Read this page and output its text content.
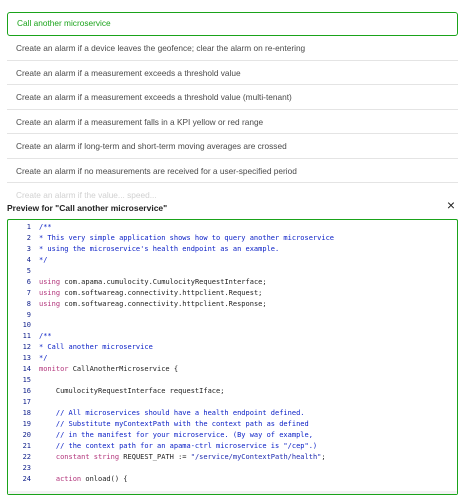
Call another microservice
Create an alarm if a device leaves the geofence; clear the alarm on re-entering
Create an alarm if a measurement exceeds a threshold value
Create an alarm if a measurement exceeds a threshold value (multi-tenant)
Create an alarm if a measurement falls in a KPI yellow or red range
Create an alarm if long-term and short-term moving averages are crossed
Create an alarm if no measurements are received for a user-specified period
Create an alarm if the value... speed...
Preview for "Call another microservice"	×
1 /**
2 * This very simple application shows how to query another microservice
3 * using the microservice's health endpoint as an example.
4 */
5
6 using com.apama.cumulocity.CumulocityRequestInterface;
7 using com.softwareag.connectivity.httpclient.Request;
8 using com.softwareag.connectivity.httpclient.Response;
9
10
11 /**
12 * Call another microservice
13 */
14 monitor CallAnotherMicroservice {
15
16 CumulocityRequestInterface requestIface;
17
18 // All microservices should have a health endpoint defined.
19 // Substitute myContextPath with the context path as defined
20 // in the manifest for your microservice. (By way of example,
21 // the context path for an apama-ctrl microservice is "/cep".)
22 constant string REQUEST_PATH := "/service/myContextPath/health";
23
24 action onload() {
